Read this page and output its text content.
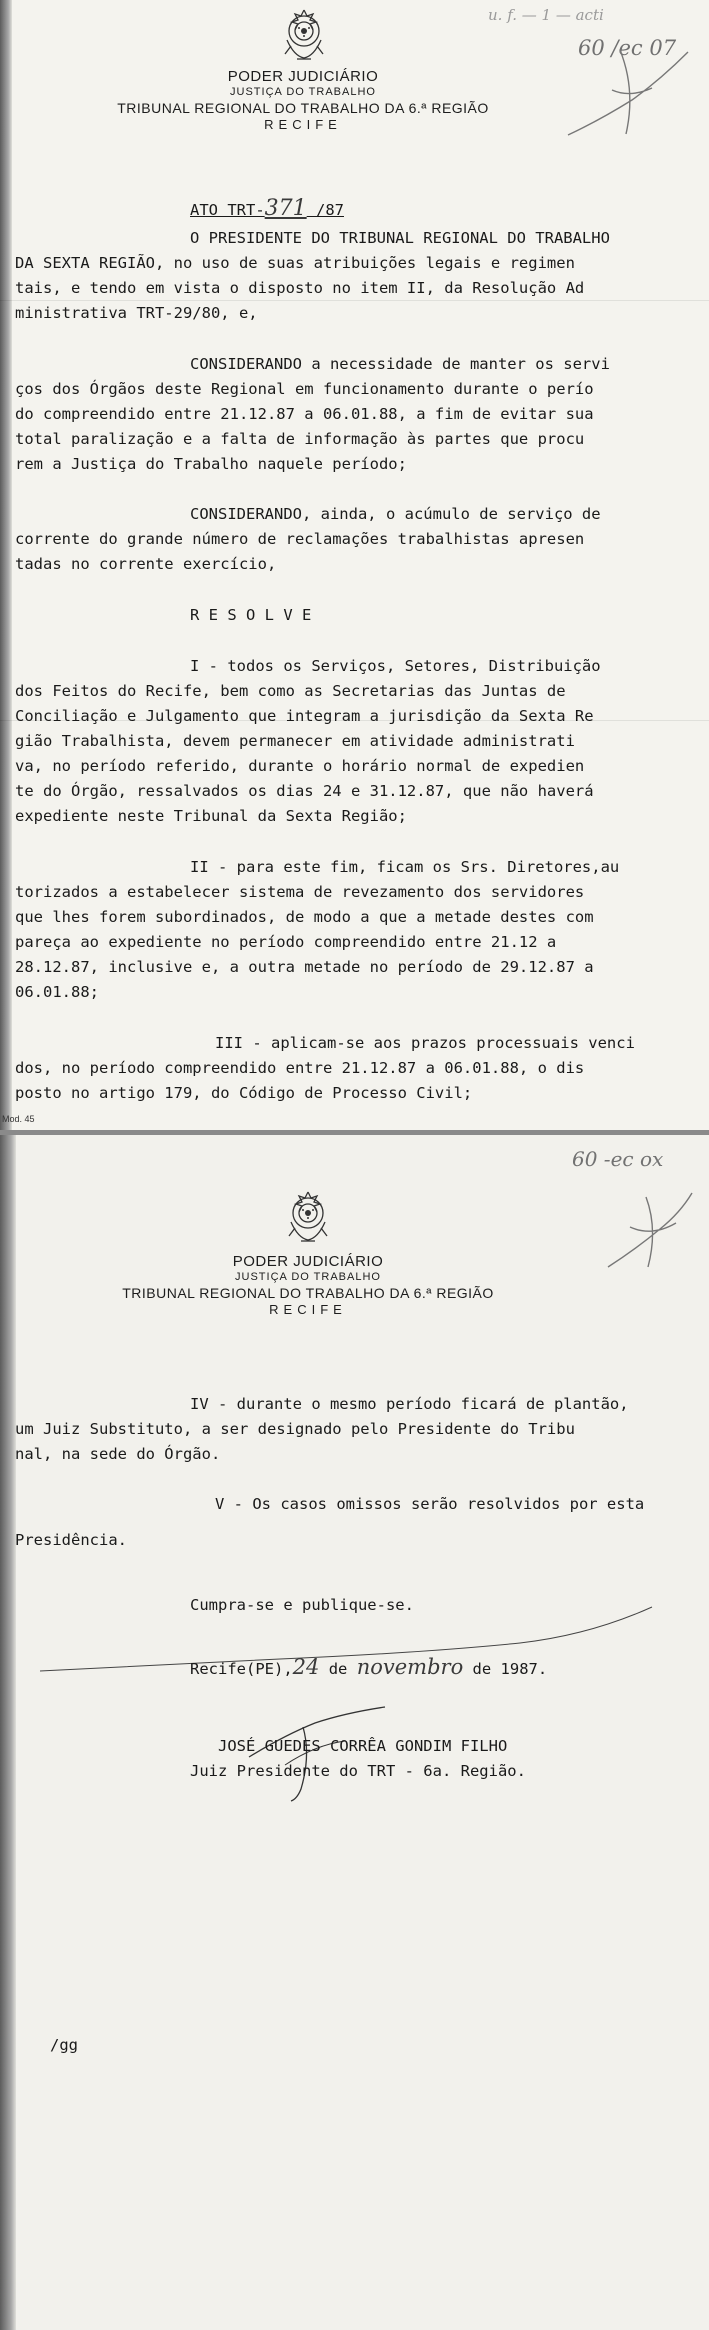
PODER JUDICIÁRIO
JUSTIÇA DO TRABALHO
TRIBUNAL REGIONAL DO TRABALHO DA 6.ª REGIÃO
RECIFE
u. f. — 1 — acti
60 /ec 07
ATO TRT-371 /87
O PRESIDENTE DO TRIBUNAL REGIONAL DO TRABALHO
DA SEXTA REGIÃO, no uso de suas atribuições legais e regimen
tais, e tendo em vista o disposto no item II, da Resolução Ad
ministrativa TRT-29/80, e,
CONSIDERANDO a necessidade de manter os servi
ços dos Órgãos deste Regional em funcionamento durante o perío
do compreendido entre 21.12.87 a 06.01.88, a fim de evitar sua
total paralização e a falta de informação às partes que procu
rem a Justiça do Trabalho naquele período;
CONSIDERANDO, ainda, o acúmulo de serviço de
corrente do grande número de reclamações trabalhistas apresen
tadas no corrente exercício,
R E S O L V E
I - todos os Serviços, Setores, Distribuição
dos Feitos do Recife, bem como as Secretarias das Juntas de
Conciliação e Julgamento que integram a jurisdição da Sexta Re
gião Trabalhista, devem permanecer em atividade administrati
va, no período referido, durante o horário normal de expedien
te do Órgão, ressalvados os dias 24 e 31.12.87, que não haverá
expediente neste Tribunal da Sexta Região;
II - para este fim, ficam os Srs. Diretores,au
torizados a estabelecer sistema de revezamento dos servidores
que lhes forem subordinados, de modo a que a metade destes com
pareça ao expediente no período compreendido entre 21.12 a
28.12.87, inclusive e, a outra metade no período de 29.12.87 a
06.01.88;
III - aplicam-se aos prazos processuais venci
dos, no período compreendido entre 21.12.87 a 06.01.88, o dis
posto no artigo 179, do Código de Processo Civil;
Mod. 45
PODER JUDICIÁRIO
JUSTIÇA DO TRABALHO
TRIBUNAL REGIONAL DO TRABALHO DA 6.ª REGIÃO
RECIFE
60 -ec ox
IV - durante o mesmo período ficará de plantão,
um Juiz Substituto, a ser designado pelo Presidente do Tribu
nal, na sede do Órgão.
V - Os casos omissos serão resolvidos por esta
Presidência.
Cumpra-se e publique-se.
Recife(PE),24 de novembro de 1987.
JOSÉ GUEDES CORRÊA GONDIM FILHO
Juiz Presidente do TRT - 6a. Região.
/gg
